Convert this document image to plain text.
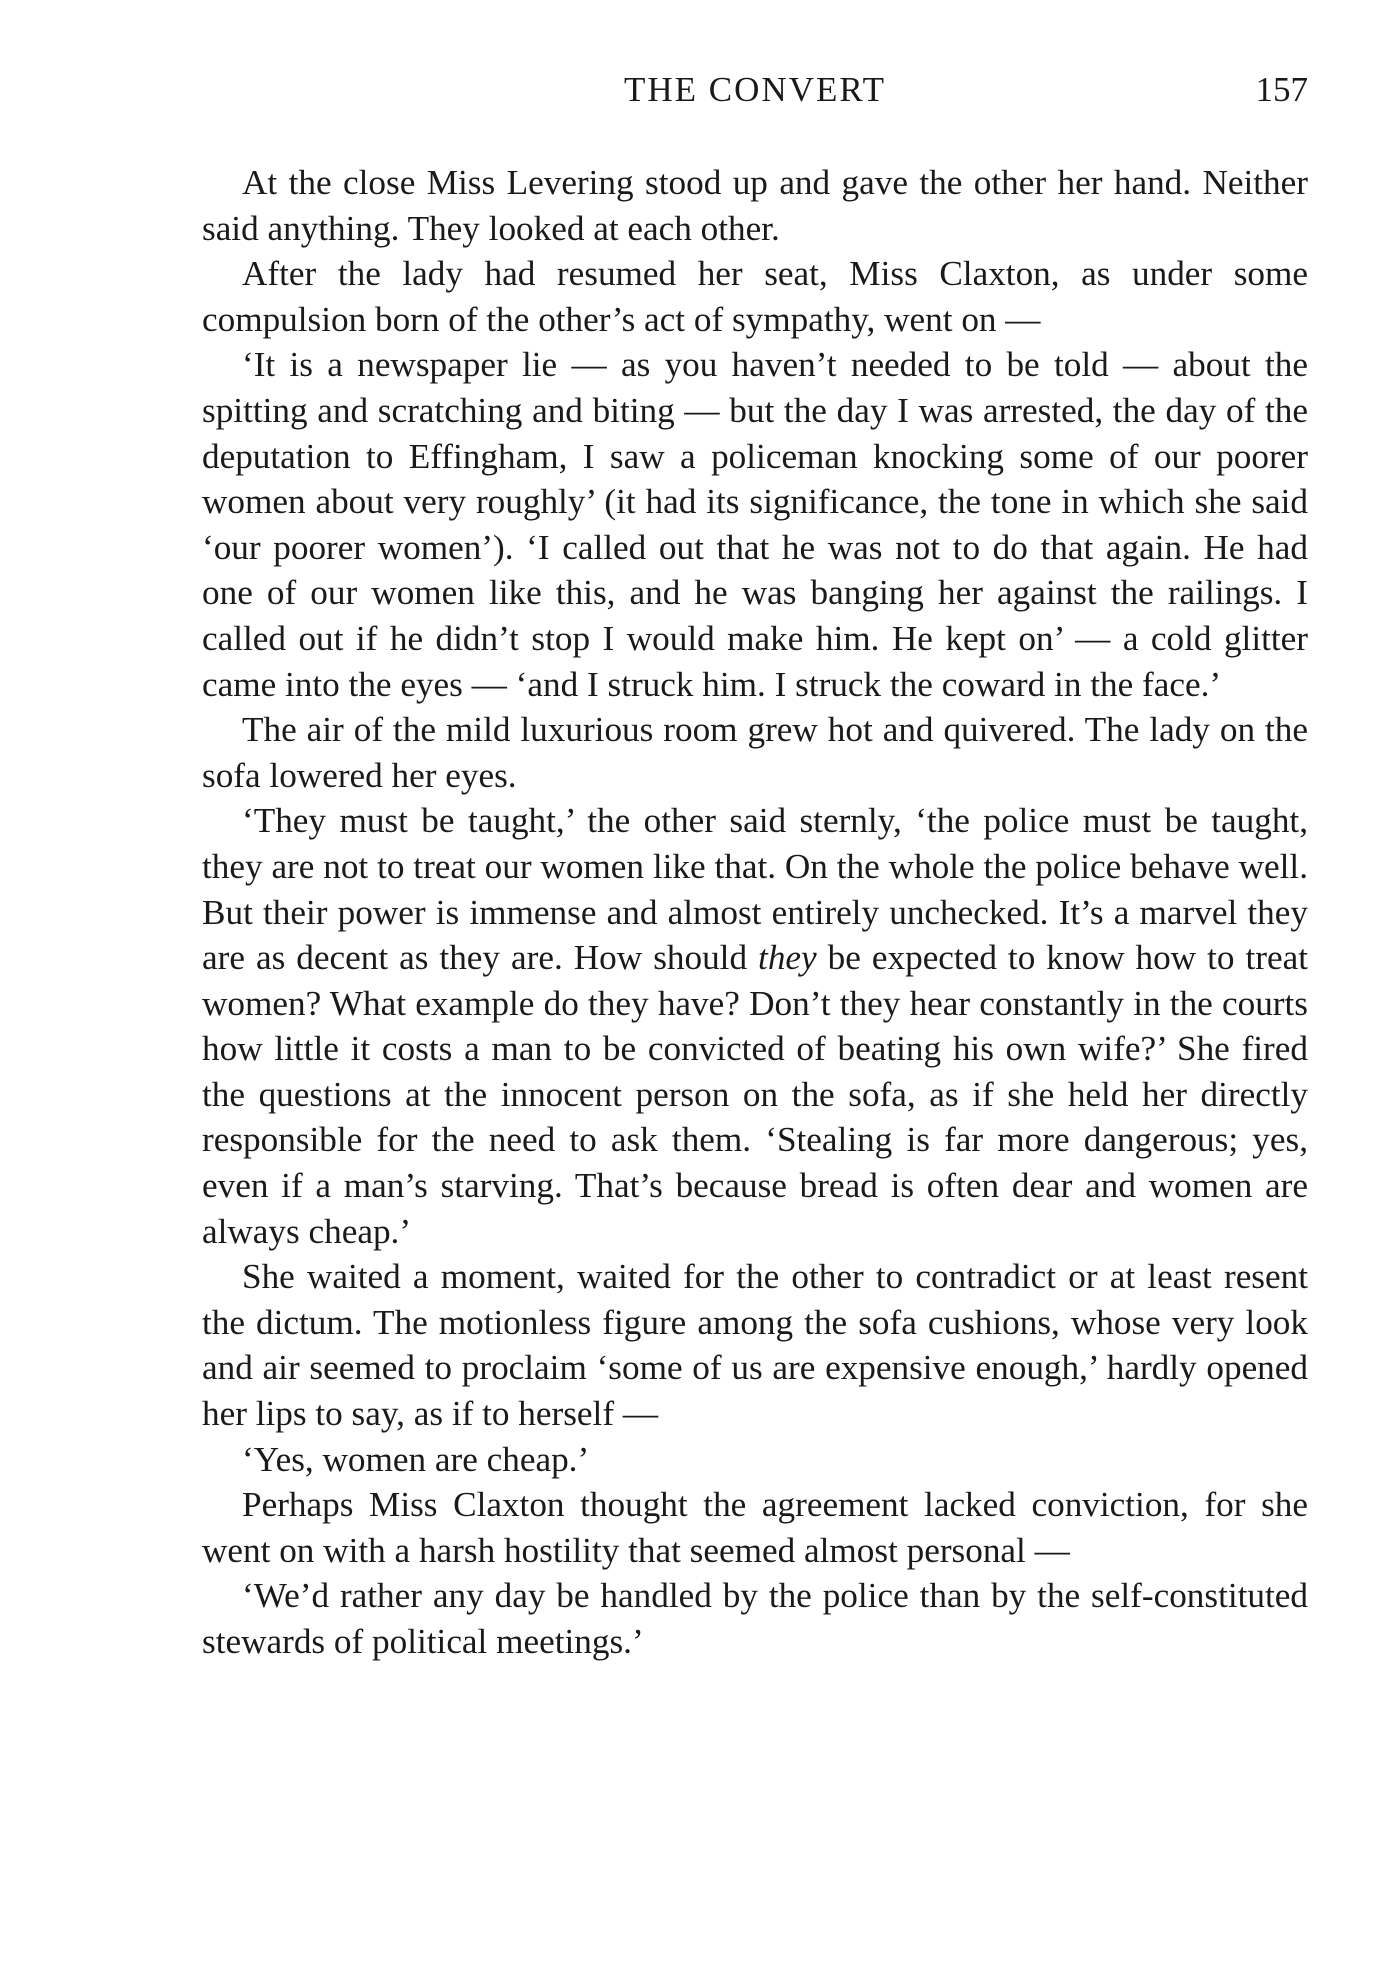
THE CONVERT	157

At the close Miss Levering stood up and gave the other her hand. Neither said anything. They looked at each other.

After the lady had resumed her seat, Miss Claxton, as under some compulsion born of the other’s act of sympathy, went on —

‘It is a newspaper lie — as you haven’t needed to be told — about the spitting and scratching and biting — but the day I was arrested, the day of the deputation to Effingham, I saw a policeman knocking some of our poorer women about very roughly’ (it had its significance, the tone in which she said ‘our poorer women’). ‘I called out that he was not to do that again. He had one of our women like this, and he was banging her against the railings. I called out if he didn’t stop I would make him. He kept on’ — a cold glitter came into the eyes — ‘and I struck him. I struck the coward in the face.’

The air of the mild luxurious room grew hot and quivered. The lady on the sofa lowered her eyes.

‘They must be taught,’ the other said sternly, ‘the police must be taught, they are not to treat our women like that. On the whole the police behave well. But their power is immense and almost entirely unchecked. It’s a marvel they are as decent as they are. How should they be expected to know how to treat women? What example do they have? Don’t they hear constantly in the courts how little it costs a man to be convicted of beating his own wife?’ She fired the questions at the innocent person on the sofa, as if she held her directly responsible for the need to ask them. ‘Stealing is far more dangerous; yes, even if a man’s starving. That’s because bread is often dear and women are always cheap.’

She waited a moment, waited for the other to contradict or at least resent the dictum. The motionless figure among the sofa cushions, whose very look and air seemed to proclaim ‘some of us are expensive enough,’ hardly opened her lips to say, as if to herself —

‘Yes, women are cheap.’

Perhaps Miss Claxton thought the agreement lacked conviction, for she went on with a harsh hostility that seemed almost personal —

‘We’d rather any day be handled by the police than by the self-constituted stewards of political meetings.’
